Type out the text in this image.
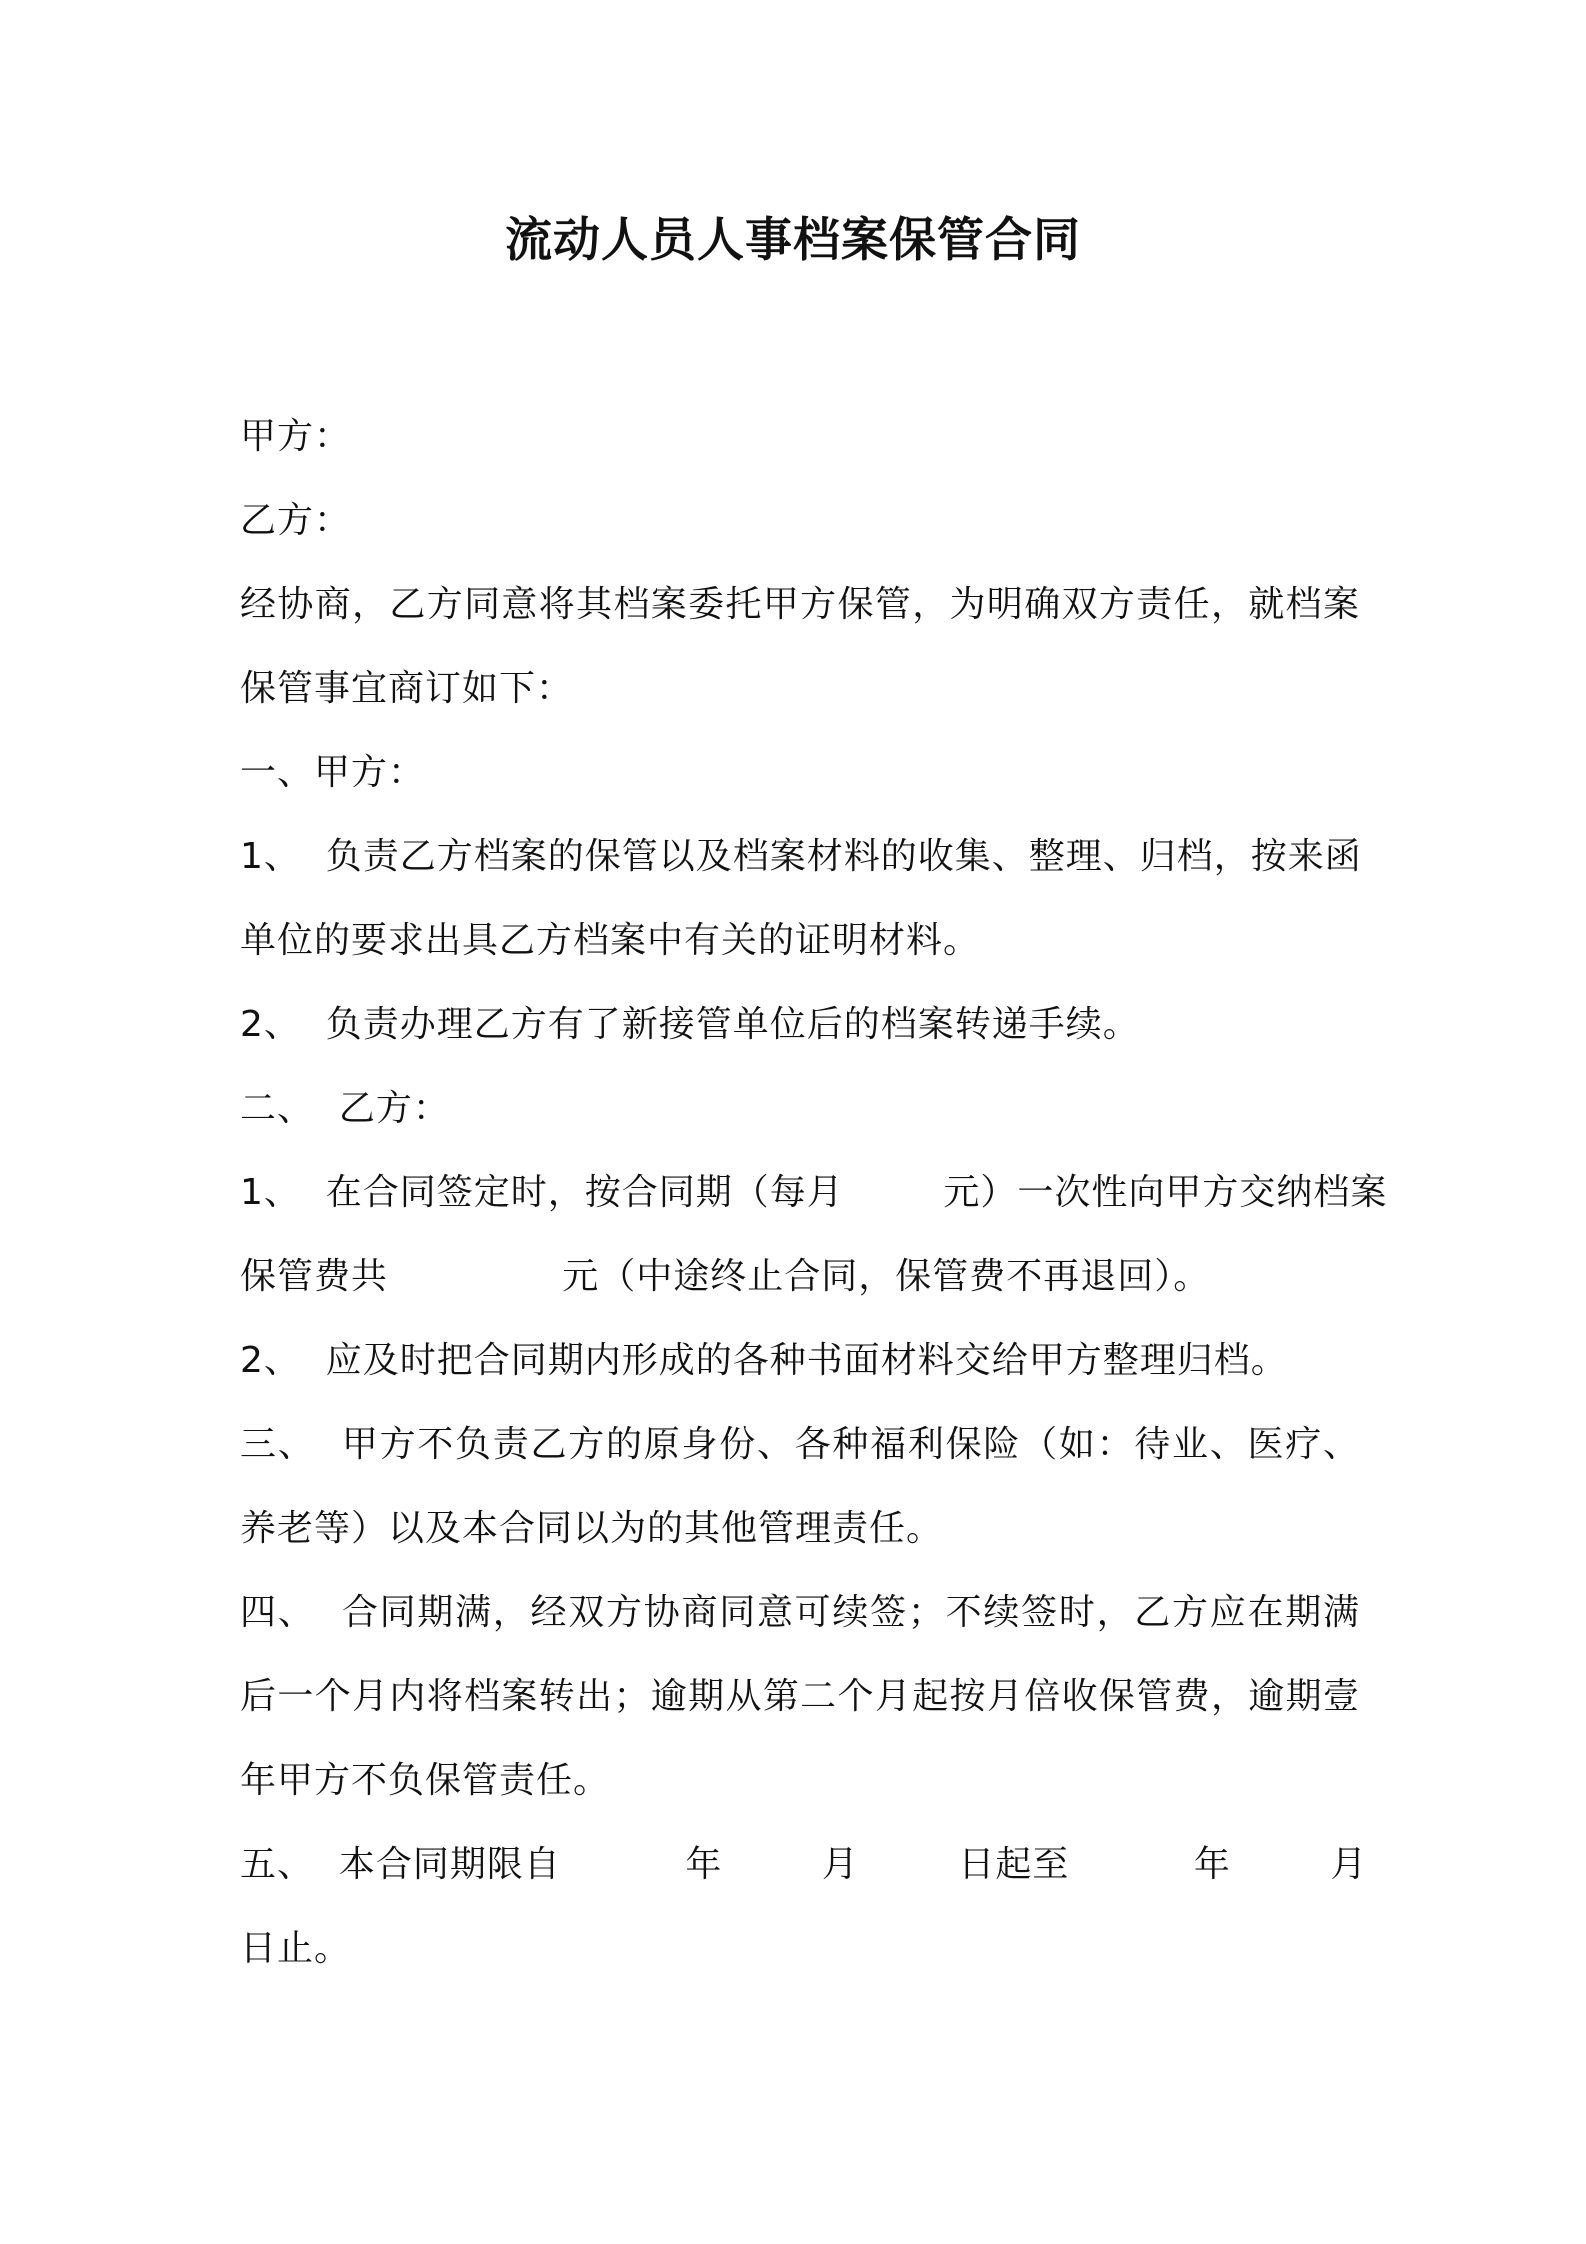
流动人员人事档案保管合同
甲方：
乙方：
经协商，乙方同意将其档案委托甲方保管，为明确双方责任，就档案
保管事宜商订如下：
一、甲方：
1、  负责乙方档案的保管以及档案材料的收集、整理、归档，按来函
单位的要求出具乙方档案中有关的证明材料。
2、  负责办理乙方有了新接管单位后的档案转递手续。
二、  乙方：
1、  在合同签定时，按合同期（每月        元）一次性向甲方交纳档案
保管费共              元（中途终止合同，保管费不再退回）。
2、  应及时把合同期内形成的各种书面材料交给甲方整理归档。
三、  甲方不负责乙方的原身份、各种福利保险（如：待业、医疗、
养老等）以及本合同以为的其他管理责任。
四、  合同期满，经双方协商同意可续签；不续签时，乙方应在期满
后一个月内将档案转出；逾期从第二个月起按月倍收保管费，逾期壹
年甲方不负保管责任。
五、  本合同期限自          年        月        日起至          年        月
日止。
